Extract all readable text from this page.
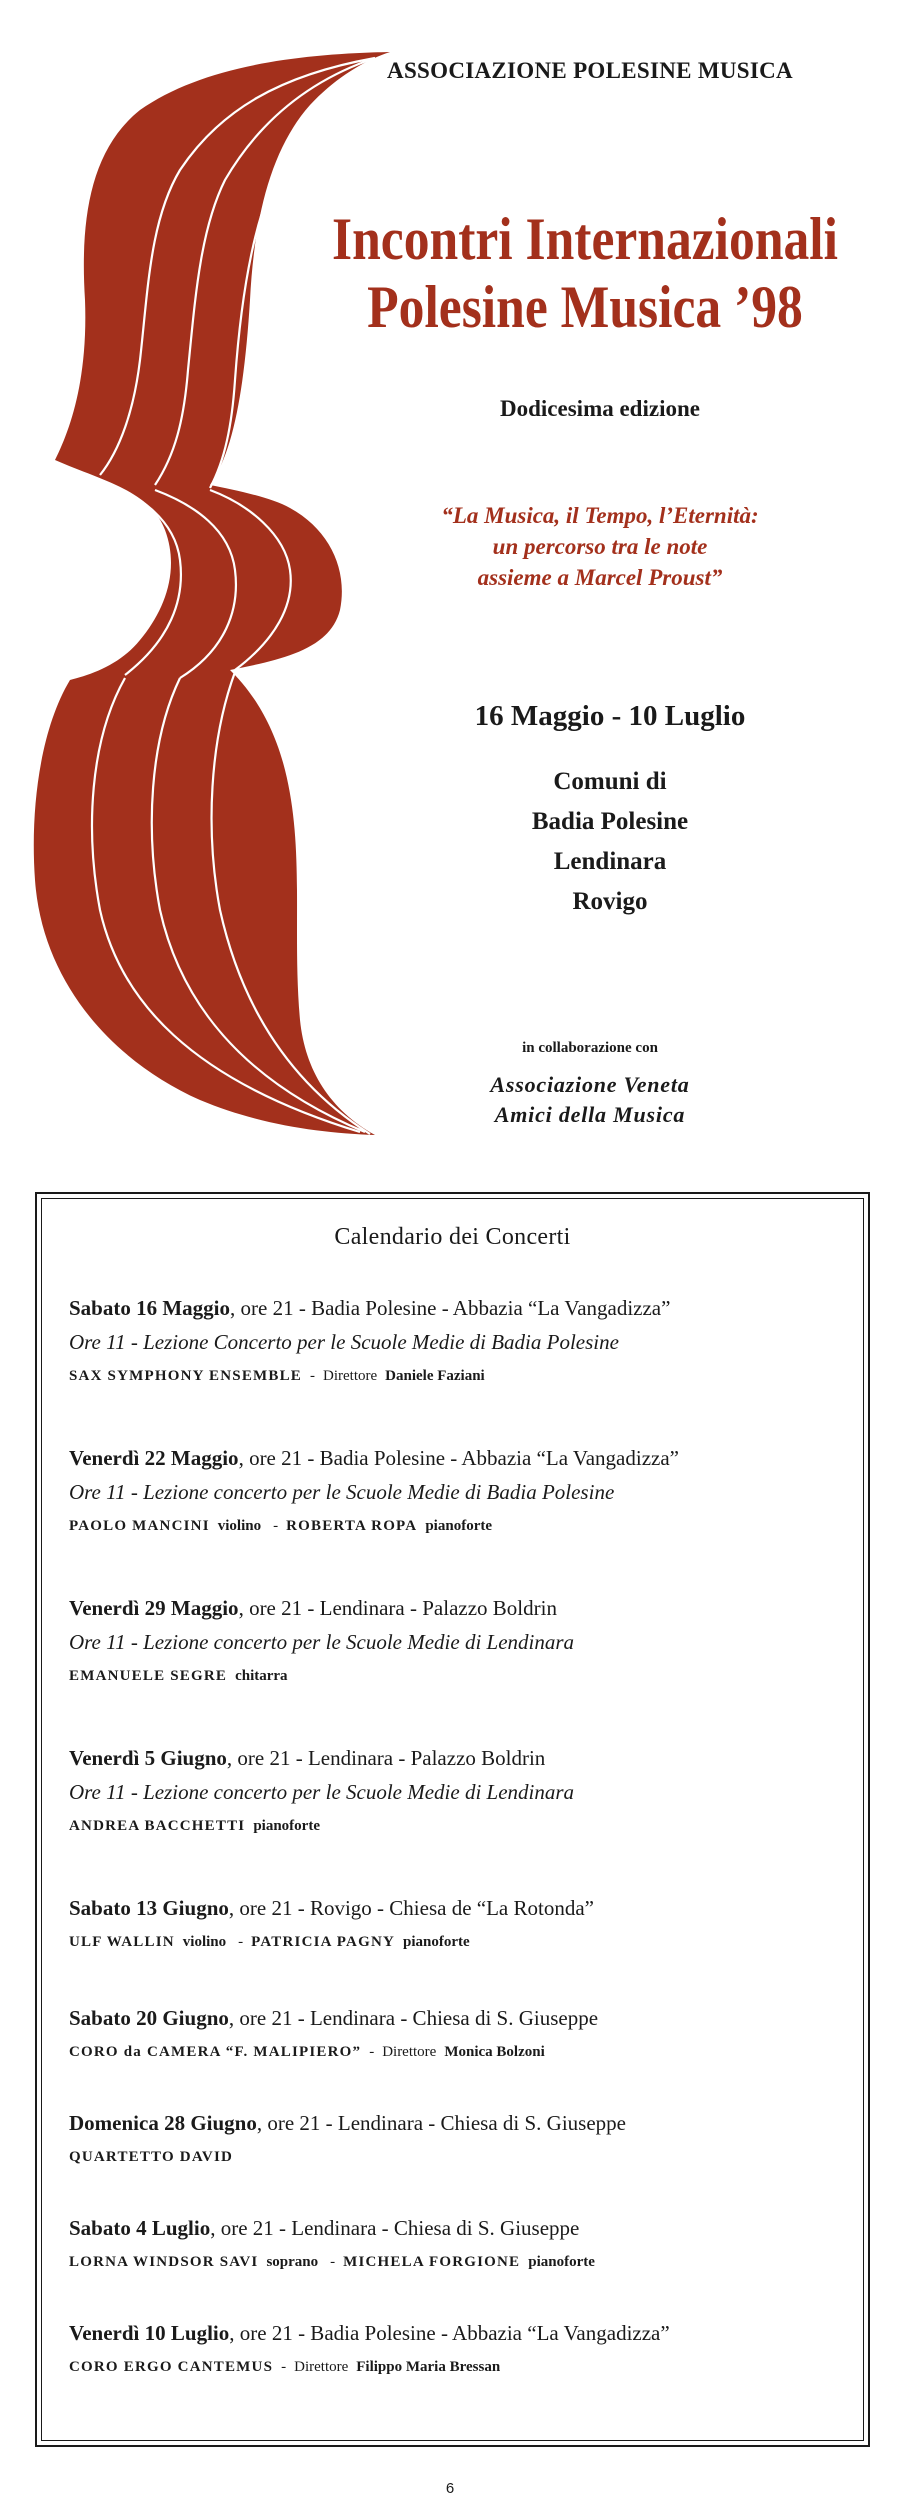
ASSOCIAZIONE POLESINE MUSICA
Incontri Internazionali
Polesine Musica ’98
Dodicesima edizione
“La Musica, il Tempo, l’Eternità:
un percorso tra le note
assieme a Marcel Proust”
16 Maggio - 10 Luglio
Comuni di
Badia Polesine
Lendinara
Rovigo
in collaborazione con
Associazione Veneta
Amici della Musica
Calendario dei Concerti
Sabato 16 Maggio, ore 21 - Badia Polesine - Abbazia “La Vangadizza”
Ore 11 - Lezione Concerto per le Scuole Medie di Badia Polesine
SAX SYMPHONY ENSEMBLE - Direttore Daniele Faziani
Venerdì 22 Maggio, ore 21 - Badia Polesine - Abbazia “La Vangadizza”
Ore 11 - Lezione concerto per le Scuole Medie di Badia Polesine
PAOLO MANCINI violino - ROBERTA ROPA pianoforte
Venerdì 29 Maggio, ore 21 - Lendinara - Palazzo Boldrin
Ore 11 - Lezione concerto per le Scuole Medie di Lendinara
EMANUELE SEGRE chitarra
Venerdì 5 Giugno, ore 21 - Lendinara - Palazzo Boldrin
Ore 11 - Lezione concerto per le Scuole Medie di Lendinara
ANDREA BACCHETTI pianoforte
Sabato 13 Giugno, ore 21 - Rovigo - Chiesa de “La Rotonda”
ULF WALLIN violino - PATRICIA PAGNY pianoforte
Sabato 20 Giugno, ore 21 - Lendinara - Chiesa di S. Giuseppe
CORO da CAMERA “F. MALIPIERO” - Direttore Monica Bolzoni
Domenica 28 Giugno, ore 21 - Lendinara - Chiesa di S. Giuseppe
QUARTETTO DAVID
Sabato 4 Luglio, ore 21 - Lendinara - Chiesa di S. Giuseppe
LORNA WINDSOR SAVI soprano - MICHELA FORGIONE pianoforte
Venerdì 10 Luglio, ore 21 - Badia Polesine - Abbazia “La Vangadizza”
CORO ERGO CANTEMUS - Direttore Filippo Maria Bressan
6
